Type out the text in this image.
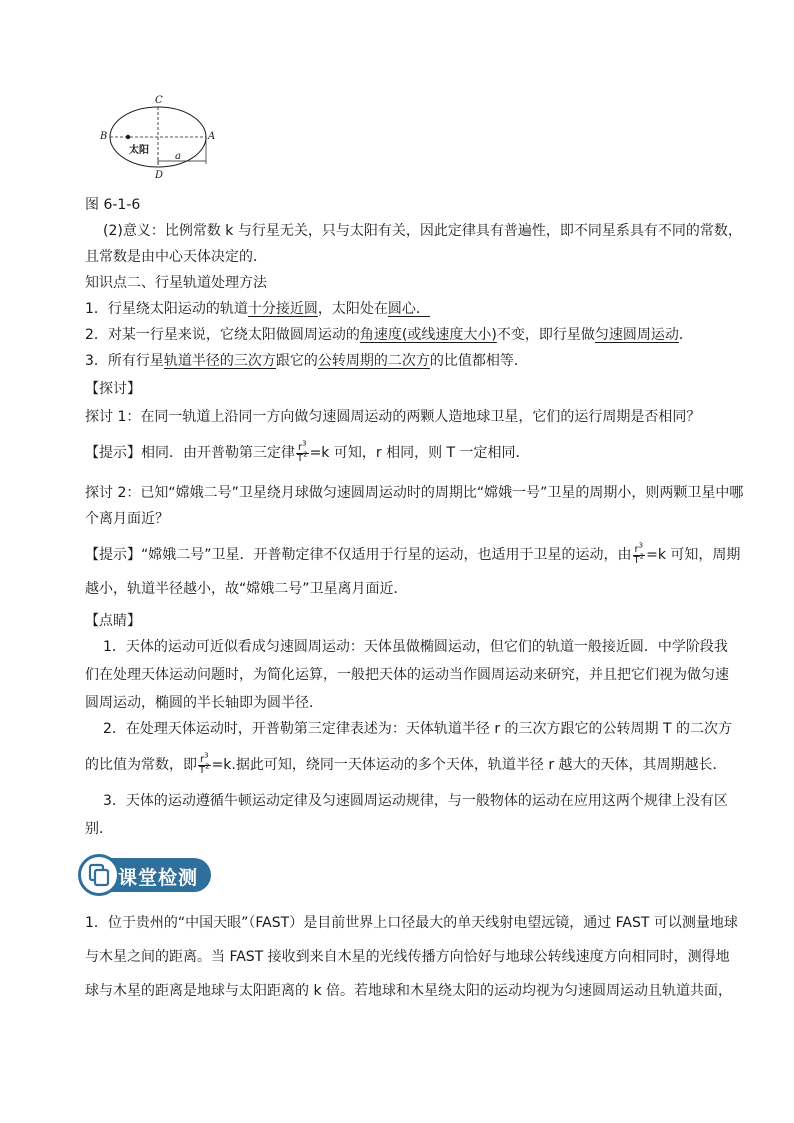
C
B	A
D
a
太阳
图 6-1-6
(2)意义：比例常数 k 与行星无关，只与太阳有关，因此定律具有普遍性，即不同星系具有不同的常数，
且常数是由中心天体决定的．
知识点二、行星轨道处理方法
1．行星绕太阳运动的轨道十分接近圆，太阳处在圆心．
2．对某一行星来说，它绕太阳做圆周运动的角速度(或线速度大小)不变，即行星做匀速圆周运动．
3．所有行星轨道半径的三次方跟它的公转周期的二次方的比值都相等．
【探讨】
探讨 1：在同一轨道上沿同一方向做匀速圆周运动的两颗人造地球卫星，它们的运行周期是否相同？
【提示】相同．由开普勒第三定律 $\frac{r^3}{T^2} =k$ 可知，r 相同，则 T 一定相同．
探讨 2：已知“嫦娥二号”卫星绕月球做匀速圆周运动时的周期比“嫦娥一号”卫星的周期小，则两颗卫星中哪
个离月面近？
【提示】“嫦娥二号”卫星．开普勒定律不仅适用于行星的运动，也适用于卫星的运动，由 $\frac{r^3}{T^2} =k$ 可知，周期
越小，轨道半径越小，故“嫦娥二号”卫星离月面近．
【点睛】
1．天体的运动可近似看成匀速圆周运动：天体虽做椭圆运动，但它们的轨道一般接近圆．中学阶段我
们在处理天体运动问题时，为简化运算，一般把天体的运动当作圆周运动来研究，并且把它们视为做匀速
圆周运动，椭圆的半长轴即为圆半径．
2．在处理天体运动时，开普勒第三定律表述为：天体轨道半径 r 的三次方跟它的公转周期 T 的二次方
的比值为常数，即 $\frac{r^3}{T^2} =k$.据此可知，绕同一天体运动的多个天体，轨道半径 r 越大的天体，其周期越长．
3．天体的运动遵循牛顿运动定律及匀速圆周运动规律，与一般物体的运动在应用这两个规律上没有区
别．
课堂检测
1．位于贵州的“中国天眼”（FAST）是目前世界上口径最大的单天线射电望远镜，通过 FAST 可以测量地球
与木星之间的距离。当 FAST 接收到来自木星的光线传播方向恰好与地球公转线速度方向相同时，测得地
球与木星的距离是地球与太阳距离的 k 倍。若地球和木星绕太阳的运动均视为匀速圆周运动且轨道共面，
